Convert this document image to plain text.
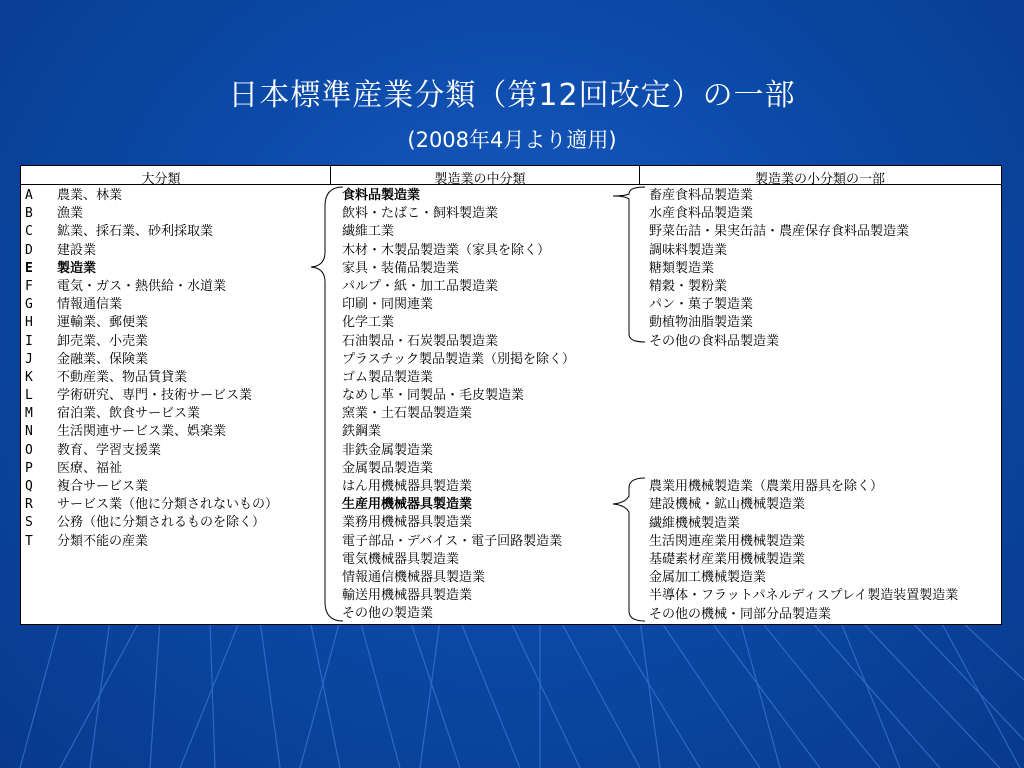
日本標準産業分類（第12回改定）の一部
(2008年4月より適用)
大分類	製造業の中分類	製造業の小分類の一部
A 農業、林業
B 漁業
C 鉱業、採石業、砂利採取業
D 建設業
E 製造業
F 電気・ガス・熱供給・水道業
G 情報通信業
H 運輸業、郵便業
I 卸売業、小売業
J 金融業、保険業
K 不動産業、物品賃貸業
L 学術研究、専門・技術サービス業
M 宿泊業、飲食サービス業
N 生活関連サービス業、娯楽業
O 教育、学習支援業
P 医療、福祉
Q 複合サービス業
R サービス業（他に分類されないもの）
S 公務（他に分類されるものを除く）
T 分類不能の産業
食料品製造業
飲料・たばこ・飼料製造業
繊維工業
木材・木製品製造業（家具を除く）
家具・装備品製造業
パルプ・紙・加工品製造業
印刷・同関連業
化学工業
石油製品・石炭製品製造業
プラスチック製品製造業（別掲を除く）
ゴム製品製造業
なめし革・同製品・毛皮製造業
窯業・土石製品製造業
鉄鋼業
非鉄金属製造業
金属製品製造業
はん用機械器具製造業
生産用機械器具製造業
業務用機械器具製造業
電子部品・デバイス・電子回路製造業
電気機械器具製造業
情報通信機械器具製造業
輸送用機械器具製造業
その他の製造業
畜産食料品製造業
水産食料品製造業
野菜缶詰・果実缶詰・農産保存食料品製造業
調味料製造業
糖類製造業
精穀・製粉業
パン・菓子製造業
動植物油脂製造業
その他の食料品製造業
農業用機械製造業（農業用器具を除く）
建設機械・鉱山機械製造業
繊維機械製造業
生活関連産業用機械製造業
基礎素材産業用機械製造業
金属加工機械製造業
半導体・フラットパネルディスプレイ製造装置製造業
その他の機械・同部分品製造業
